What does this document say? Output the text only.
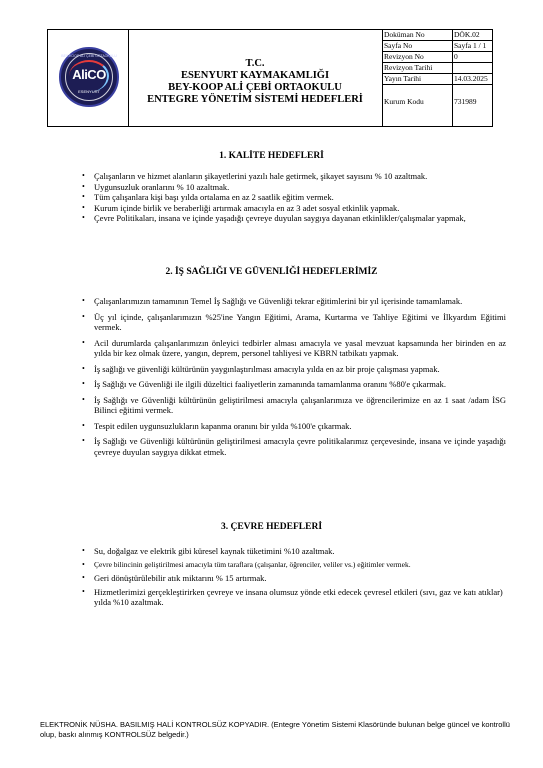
BEY-KOOP ALİ ÇEBİ ORTAOKULU
AliCO
ESENYURT
T.C.
ESENYURT KAYMAKAMLIĞI
BEY-KOOP ALİ ÇEBİ ORTAOKULU
ENTEGRE YÖNETİM SİSTEMİ HEDEFLERİ
Doküman No	DÖK.02
Sayfa No	Sayfa 1 / 1
Revizyon No	0
Revizyon Tarihi
Yayın Tarihi	14.03.2025
Kurum Kodu	731989
1. KALİTE HEDEFLERİ
• Çalışanların ve hizmet alanların şikayetlerini yazılı hale getirmek, şikayet sayısını % 10 azaltmak.
• Uygunsuzluk oranlarını % 10 azaltmak.
• Tüm çalışanlara kişi başı yılda ortalama en az 2 saatlik eğitim vermek.
• Kurum içinde birlik ve beraberliği artırmak amacıyla en az 3 adet sosyal etkinlik yapmak.
• Çevre Politikaları, insana ve içinde yaşadığı çevreye duyulan saygıya dayanan etkinlikler/çalışmalar yapmak,
2. İŞ SAĞLIĞI VE GÜVENLİĞİ HEDEFLERİMİZ
• Çalışanlarımızın tamamının Temel İş Sağlığı ve Güvenliği tekrar eğitimlerini bir yıl içerisinde tamamlamak.
• Üç yıl içinde, çalışanlarımızın %25'ine Yangın Eğitimi, Arama, Kurtarma ve Tahliye Eğitimi ve İlkyardım Eğitimi vermek.
• Acil durumlarda çalışanlarımızın önleyici tedbirler alması amacıyla ve yasal mevzuat kapsamında her birinden en az yılda bir kez olmak üzere, yangın, deprem, personel tahliyesi ve KBRN tatbikatı yapmak.
• İş sağlığı ve güvenliği kültürünün yaygınlaştırılması amacıyla yılda en az bir proje çalışması yapmak.
• İş Sağlığı ve Güvenliği ile ilgili düzeltici faaliyetlerin zamanında tamamlanma oranını %80'e çıkarmak.
• İş Sağlığı ve Güvenliği kültürünün geliştirilmesi amacıyla çalışanlarımıza ve öğrencilerimize en az 1 saat /adam İSG Bilinci eğitimi vermek.
• Tespit edilen uygunsuzlukların kapanma oranını bir yılda %100'e çıkarmak.
• İş Sağlığı ve Güvenliği kültürünün geliştirilmesi amacıyla çevre politikalarımız çerçevesinde, insana ve içinde yaşadığı çevreye duyulan saygıya dikkat etmek.
3. ÇEVRE HEDEFLERİ
• Su, doğalgaz ve elektrik gibi küresel kaynak tüketimini %10 azaltmak.
• Çevre bilincinin geliştirilmesi amacıyla tüm taraflara (çalışanlar, öğrenciler, veliler vs.) eğitimler vermek.
• Geri dönüştürülebilir atık miktarını % 15 artırmak.
• Hizmetlerimizi gerçekleştirirken çevreye ve insana olumsuz yönde etki edecek çevresel etkileri (sıvı, gaz ve katı atıklar) yılda %10 azaltmak.
ELEKTRONİK NÜSHA. BASILMIŞ HALİ KONTROLSÜZ KOPYADIR. (Entegre Yönetim Sistemi Klasöründe bulunan belge güncel ve kontrollü olup, baskı alınmış KONTROLSÜZ belgedir.)
